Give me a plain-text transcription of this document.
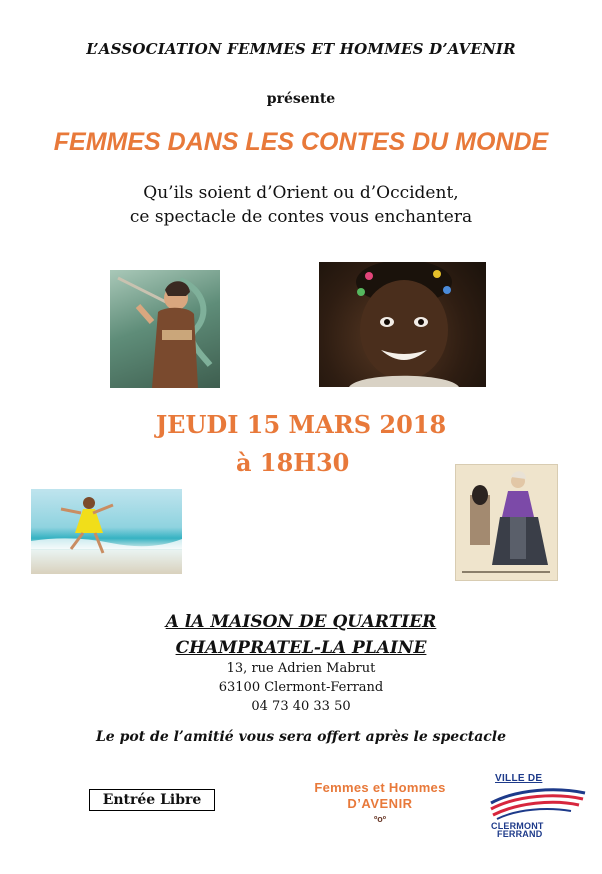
L’ASSOCIATION FEMMES ET HOMMES D’AVENIR
présente
FEMMES DANS LES CONTES DU MONDE
Qu’ils soient d’Orient ou d’Occident,
ce spectacle de contes vous enchantera
JEUDI 15 MARS 2018
à 18H30
A lA MAISON DE QUARTIER
CHAMPRATEL-LA PLAINE
13, rue Adrien Mabrut
63100 Clermont-Ferrand
04 73 40 33 50
Le pot de l’amitié vous sera offert après le spectacle
Entrée Libre
Femmes et Hommes
D’AVENIR
ºoº
VILLE DE
CLERMONT
FERRAND
